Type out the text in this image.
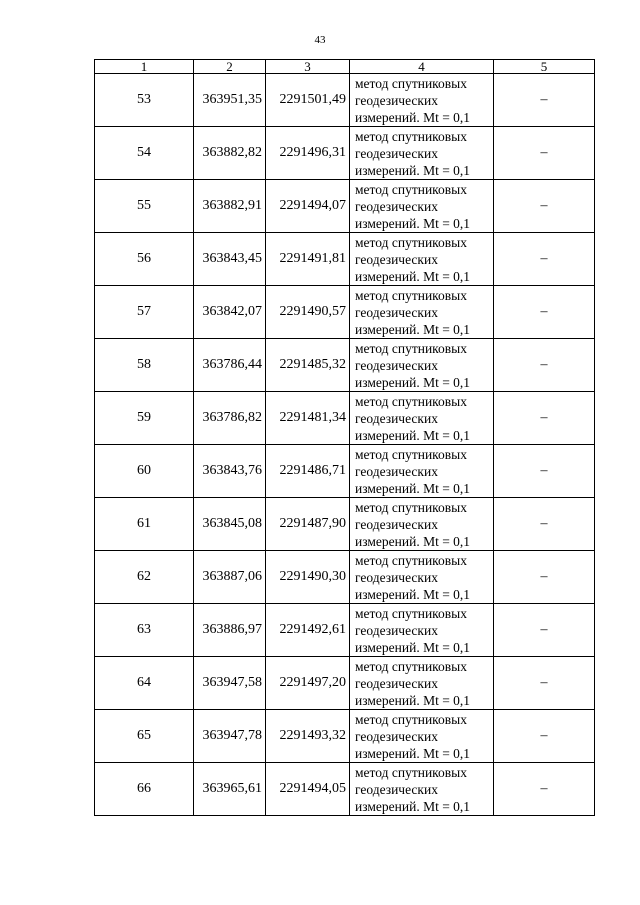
43
1	2	3	4	5
53	363951,35	2291501,49	метод спутниковых
геодезических
измерений. Mt = 0,1	–
54	363882,82	2291496,31	метод спутниковых
геодезических
измерений. Mt = 0,1	–
55	363882,91	2291494,07	метод спутниковых
геодезических
измерений. Mt = 0,1	–
56	363843,45	2291491,81	метод спутниковых
геодезических
измерений. Mt = 0,1	–
57	363842,07	2291490,57	метод спутниковых
геодезических
измерений. Mt = 0,1	–
58	363786,44	2291485,32	метод спутниковых
геодезических
измерений. Mt = 0,1	–
59	363786,82	2291481,34	метод спутниковых
геодезических
измерений. Mt = 0,1	–
60	363843,76	2291486,71	метод спутниковых
геодезических
измерений. Mt = 0,1	–
61	363845,08	2291487,90	метод спутниковых
геодезических
измерений. Mt = 0,1	–
62	363887,06	2291490,30	метод спутниковых
геодезических
измерений. Mt = 0,1	–
63	363886,97	2291492,61	метод спутниковых
геодезических
измерений. Mt = 0,1	–
64	363947,58	2291497,20	метод спутниковых
геодезических
измерений. Mt = 0,1	–
65	363947,78	2291493,32	метод спутниковых
геодезических
измерений. Mt = 0,1	–
66	363965,61	2291494,05	метод спутниковых
геодезических
измерений. Mt = 0,1	–
